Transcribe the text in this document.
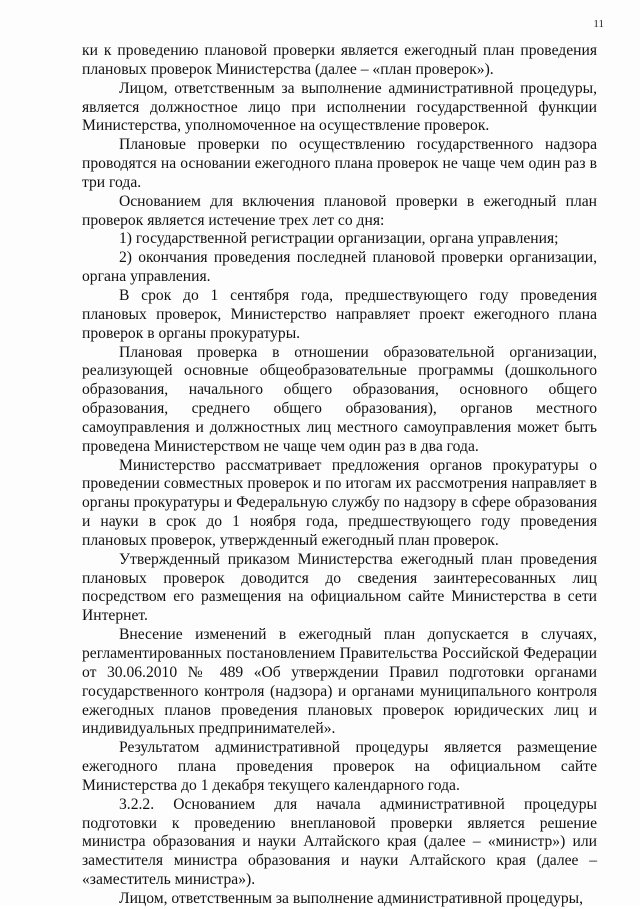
11

ки к проведению плановой проверки является ежегодный план проведения плановых проверок Министерства (далее – «план проверок»).

Лицом, ответственным за выполнение административной процедуры, является должностное лицо при исполнении государственной функции Министерства, уполномоченное на осуществление проверок.

Плановые проверки по осуществлению государственного надзора проводятся на основании ежегодного плана проверок не чаще чем один раз в три года.

Основанием для включения плановой проверки в ежегодный план проверок является истечение трех лет со дня:

1) государственной регистрации организации, органа управления;

2) окончания проведения последней плановой проверки организации, органа управления.

В срок до 1 сентября года, предшествующего году проведения плановых проверок, Министерство направляет проект ежегодного плана проверок в органы прокуратуры.

Плановая проверка в отношении образовательной организации, реализующей основные общеобразовательные программы (дошкольного образования, начального общего образования, основного общего образования, среднего общего образования), органов местного самоуправления и должностных лиц местного самоуправления может быть проведена Министерством не чаще чем один раз в два года.

Министерство рассматривает предложения органов прокуратуры о проведении совместных проверок и по итогам их рассмотрения направляет в органы прокуратуры и Федеральную службу по надзору в сфере образования и науки в срок до 1 ноября года, предшествующего году проведения плановых проверок, утвержденный ежегодный план проверок.

Утвержденный приказом Министерства ежегодный план проведения плановых проверок доводится до сведения заинтересованных лиц посредством его размещения на официальном сайте Министерства в сети Интернет.

Внесение изменений в ежегодный план допускается в случаях, регламентированных постановлением Правительства Российской Федерации от 30.06.2010 № 489 «Об утверждении Правил подготовки органами государственного контроля (надзора) и органами муниципального контроля ежегодных планов проведения плановых проверок юридических лиц и индивидуальных предпринимателей».

Результатом административной процедуры является размещение ежегодного плана проведения проверок на официальном сайте Министерства до 1 декабря текущего календарного года.

3.2.2. Основанием для начала административной процедуры подготовки к проведению внеплановой проверки является решение министра образования и науки Алтайского края (далее – «министр») или заместителя министра образования и науки Алтайского края (далее – «заместитель министра»).

Лицом, ответственным за выполнение административной процедуры,
